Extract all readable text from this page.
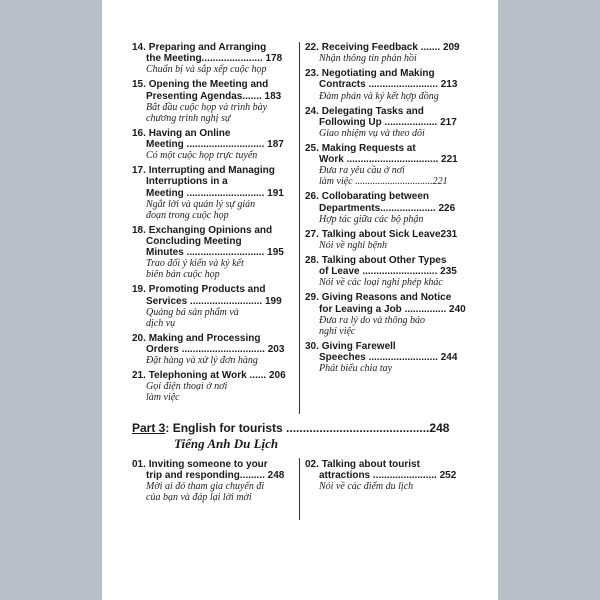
14. Preparing and Arranging
the Meeting...................... 178
Chuẩn bị và sắp xếp cuộc họp
15. Opening the Meeting and
Presenting Agendas....... 183
Bắt đầu cuộc họp và trình bày
chương trình nghị sự
16. Having an Online
Meeting ............................ 187
Có một cuộc họp trực tuyến
17. Interrupting and Managing
Interruptions in a
Meeting ............................ 191
Ngắt lời và quản lý sự gián
đoạn trong cuộc họp
18. Exchanging Opinions and
Concluding Meeting
Minutes ............................ 195
Trao đổi ý kiến và ký kết
biên bản cuộc họp
19. Promoting Products and
Services .......................... 199
Quảng bá sản phẩm và
dịch vụ
20. Making and Processing
Orders .............................. 203
Đặt hàng và xử lý đơn hàng
21. Telephoning at Work ...... 206
Gọi điện thoại ở nơi
làm việc
22. Receiving Feedback ....... 209
Nhận thông tin phản hồi
23. Negotiating and Making
Contracts ......................... 213
Đàm phán và ký kết hợp đồng
24. Delegating Tasks and
Following Up ................... 217
Giao nhiệm vụ và theo dõi
25. Making Requests at
Work ................................. 221
Đưa ra yêu cầu ở nơi
làm việc ...............................221
26. Collobarating between
Departments.................... 226
Hợp tác giữa các bộ phận
27. Talking about Sick Leave231
Nói về nghỉ bệnh
28. Talking about Other Types
of Leave ........................... 235
Nói về các loại nghỉ phép khác
29. Giving Reasons and Notice
for Leaving a Job ............... 240
Đưa ra lý do và thông báo
nghỉ việc
30. Giving Farewell
Speeches ......................... 244
Phát biểu chia tay
Part 3: English for tourists ...........................................248
Tiếng Anh Du Lịch
01. Inviting someone to your
trip and responding......... 248
Mời ai đó tham gia chuyến đi
của bạn và đáp lại lời mời
02. Talking about tourist
attractions ....................... 252
Nói về các điểm du lịch
